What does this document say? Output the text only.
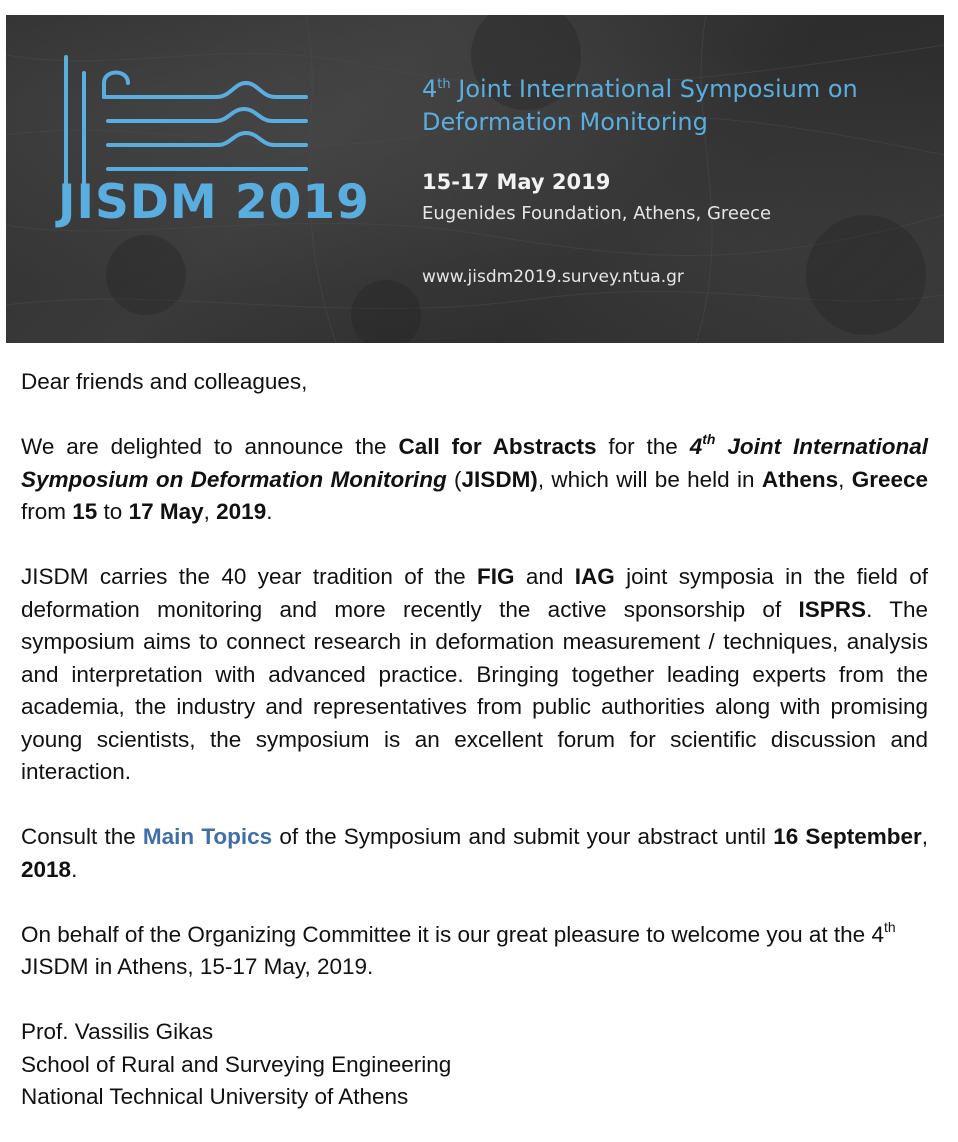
JISDM 2019
4th Joint International Symposium on
Deformation Monitoring
15-17 May 2019
Eugenides Foundation, Athens, Greece
www.jisdm2019.survey.ntua.gr

Dear friends and colleagues,

We are delighted to announce the Call for Abstracts for the 4th Joint International Symposium on Deformation Monitoring (JISDM), which will be held in Athens, Greece from 15 to 17 May, 2019.

JISDM carries the 40 year tradition of the FIG and IAG joint symposia in the field of deformation monitoring and more recently the active sponsorship of ISPRS. The symposium aims to connect research in deformation measurement / techniques, analysis and interpretation with advanced practice. Bringing together leading experts from the academia, the industry and representatives from public authorities along with promising young scientists, the symposium is an excellent forum for scientific discussion and interaction.

Consult the Main Topics of the Symposium and submit your abstract until 16 September, 2018.

On behalf of the Organizing Committee it is our great pleasure to welcome you at the 4th JISDM in Athens, 15-17 May, 2019.

Prof. Vassilis Gikas
School of Rural and Surveying Engineering
National Technical University of Athens
